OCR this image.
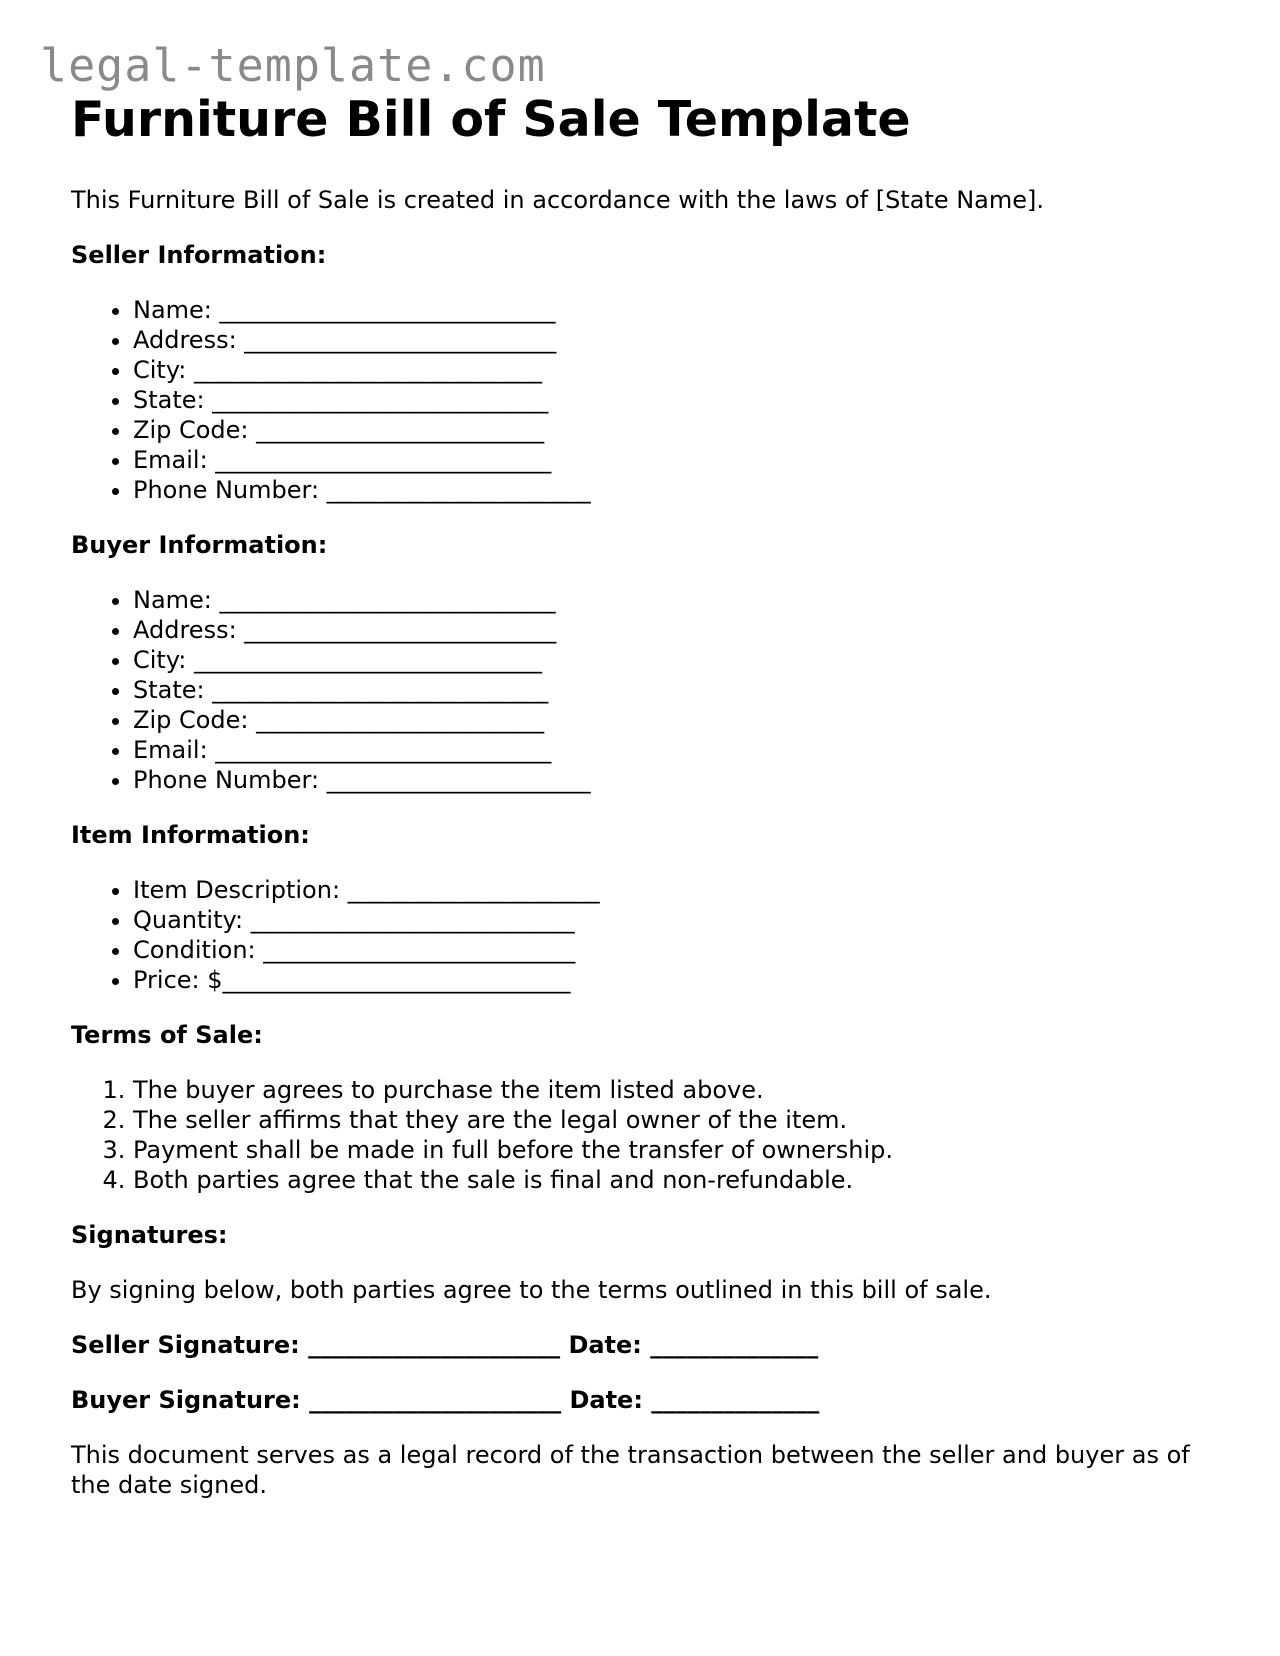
legal-template.com
Furniture Bill of Sale Template

This Furniture Bill of Sale is created in accordance with the laws of [State Name].

Seller Information:
• Name: ____________________________
• Address: __________________________
• City: _____________________________
• State: ____________________________
• Zip Code: ________________________
• Email: ____________________________
• Phone Number: ______________________
Buyer Information:
• Name: ____________________________
• Address: __________________________
• City: _____________________________
• State: ____________________________
• Zip Code: ________________________
• Email: ____________________________
• Phone Number: ______________________
Item Information:
• Item Description: _____________________
• Quantity: ___________________________
• Condition: __________________________
• Price: $_____________________________
Terms of Sale:
1. The buyer agrees to purchase the item listed above.
2. The seller affirms that they are the legal owner of the item.
3. Payment shall be made in full before the transfer of ownership.
4. Both parties agree that the sale is final and non-refundable.
Signatures:

By signing below, both parties agree to the terms outlined in this bill of sale.

Seller Signature: _____________________ Date: ______________

Buyer Signature: _____________________ Date: ______________

This document serves as a legal record of the transaction between the seller and buyer as of the date signed.
